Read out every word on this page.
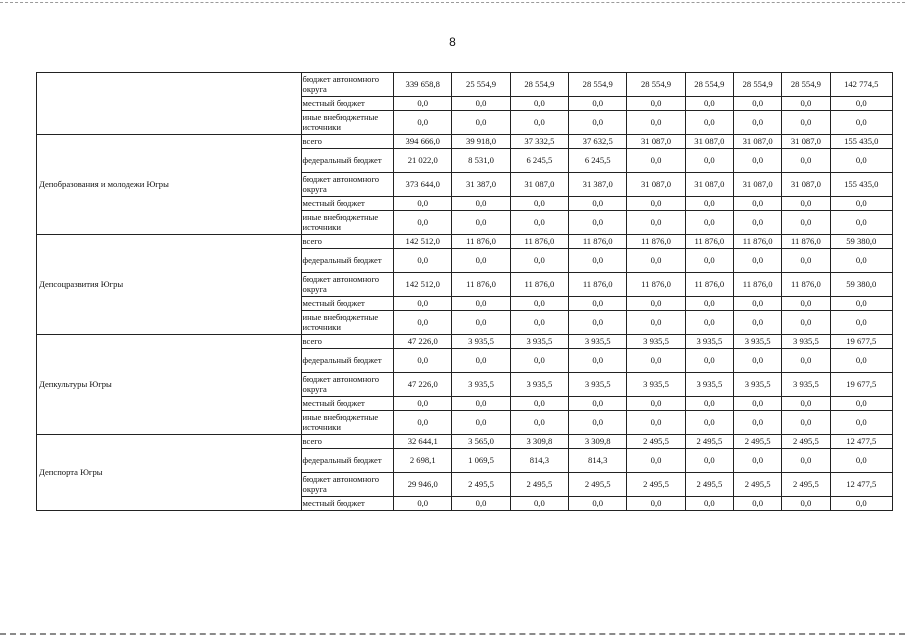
8
	бюджет автономного округа	339 658,8	25 554,9	28 554,9	28 554,9	28 554,9	28 554,9	28 554,9	28 554,9	142 774,5
	местный бюджет	0,0	0,0	0,0	0,0	0,0	0,0	0,0	0,0	0,0
	иные внебюджетные источники	0,0	0,0	0,0	0,0	0,0	0,0	0,0	0,0	0,0
Депобразования и молодежи Югры	всего	394 666,0	39 918,0	37 332,5	37 632,5	31 087,0	31 087,0	31 087,0	31 087,0	155 435,0
	федеральный бюджет	21 022,0	8 531,0	6 245,5	6 245,5	0,0	0,0	0,0	0,0	0,0
	бюджет автономного округа	373 644,0	31 387,0	31 087,0	31 387,0	31 087,0	31 087,0	31 087,0	31 087,0	155 435,0
	местный бюджет	0,0	0,0	0,0	0,0	0,0	0,0	0,0	0,0	0,0
	иные внебюджетные источники	0,0	0,0	0,0	0,0	0,0	0,0	0,0	0,0	0,0
Депсоцразвития Югры	всего	142 512,0	11 876,0	11 876,0	11 876,0	11 876,0	11 876,0	11 876,0	11 876,0	59 380,0
	федеральный бюджет	0,0	0,0	0,0	0,0	0,0	0,0	0,0	0,0	0,0
	бюджет автономного округа	142 512,0	11 876,0	11 876,0	11 876,0	11 876,0	11 876,0	11 876,0	11 876,0	59 380,0
	местный бюджет	0,0	0,0	0,0	0,0	0,0	0,0	0,0	0,0	0,0
	иные внебюджетные источники	0,0	0,0	0,0	0,0	0,0	0,0	0,0	0,0	0,0
Депкультуры Югры	всего	47 226,0	3 935,5	3 935,5	3 935,5	3 935,5	3 935,5	3 935,5	3 935,5	19 677,5
	федеральный бюджет	0,0	0,0	0,0	0,0	0,0	0,0	0,0	0,0	0,0
	бюджет автономного округа	47 226,0	3 935,5	3 935,5	3 935,5	3 935,5	3 935,5	3 935,5	3 935,5	19 677,5
	местный бюджет	0,0	0,0	0,0	0,0	0,0	0,0	0,0	0,0	0,0
	иные внебюджетные источники	0,0	0,0	0,0	0,0	0,0	0,0	0,0	0,0	0,0
Депспорта Югры	всего	32 644,1	3 565,0	3 309,8	3 309,8	2 495,5	2 495,5	2 495,5	2 495,5	12 477,5
	федеральный бюджет	2 698,1	1 069,5	814,3	814,3	0,0	0,0	0,0	0,0	0,0
	бюджет автономного округа	29 946,0	2 495,5	2 495,5	2 495,5	2 495,5	2 495,5	2 495,5	2 495,5	12 477,5
	местный бюджет	0,0	0,0	0,0	0,0	0,0	0,0	0,0	0,0	0,0
